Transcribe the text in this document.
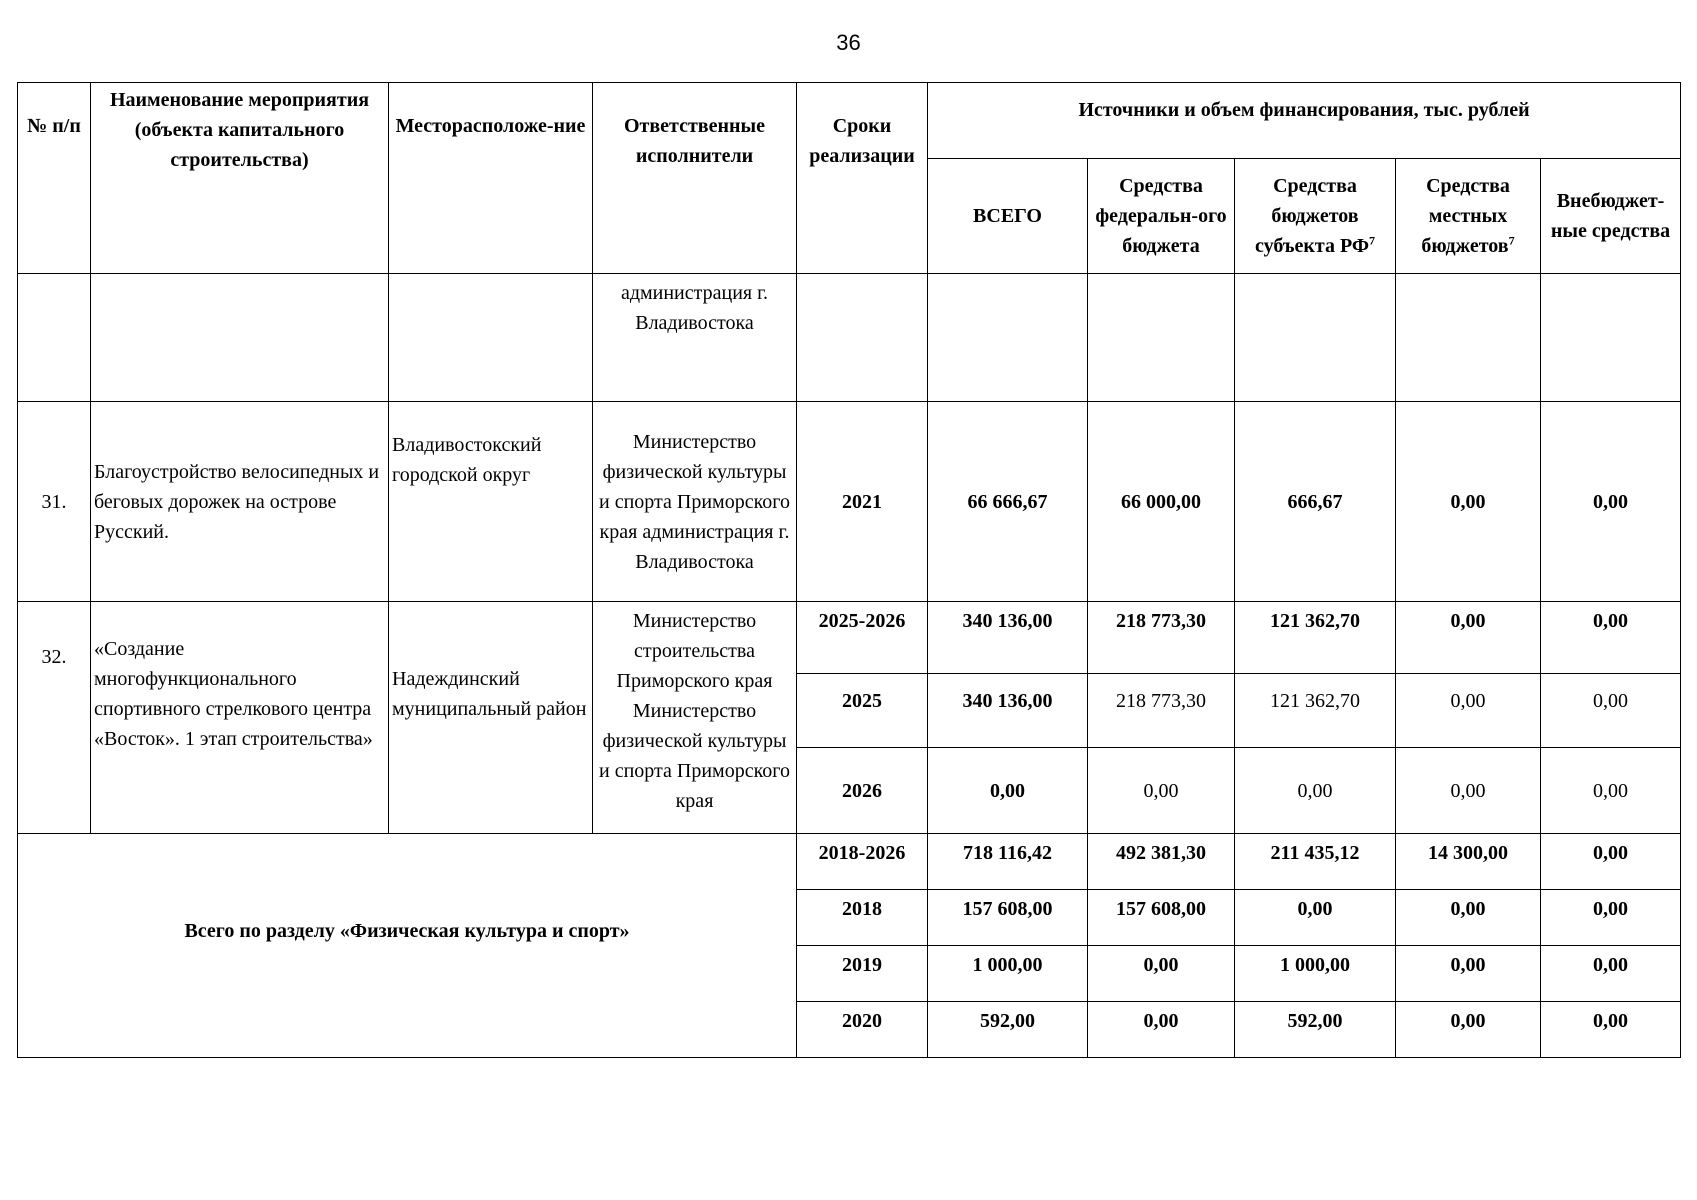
36
№ п/п	Наименование мероприятия (объекта капитального строительства)	Месторасположе-ние	Ответственные исполнители	Сроки реализации	Источники и объем финансирования, тыс. рублей				
					ВСЕГО	Средства федеральн-ого бюджета	Средства бюджетов субъекта $РФ^7$	Средства местных бюджетов$^7$	Внебюджет-ные средства
			администрация г. Владивостока						
31.	Благоустройство велосипедных и беговых дорожек на острове Русский.	Владивостокский городской округ	Министерство физической культуры и спорта Приморского края администрация г. Владивостока	2021	66 666,67	66 000,00	666,67	0,00	0,00
32.	«Создание многофункционального спортивного стрелкового центра «Восток». 1 этап строительства»	Надеждинский муниципальный район	Министерство строительства Приморского края Министерство физической культуры и спорта Приморского края	2025-2026	340 136,00	218 773,30	121 362,70	0,00	0,00
				2025	340 136,00	218 773,30	121 362,70	0,00	0,00
				2026	0,00	0,00	0,00	0,00	0,00
Всего по разделу «Физическая культура и спорт»				2018-2026	718 116,42	492 381,30	211 435,12	14 300,00	0,00
				2018	157 608,00	157 608,00	0,00	0,00	0,00
				2019	1 000,00	0,00	1 000,00	0,00	0,00
				2020	592,00	0,00	592,00	0,00	0,00
